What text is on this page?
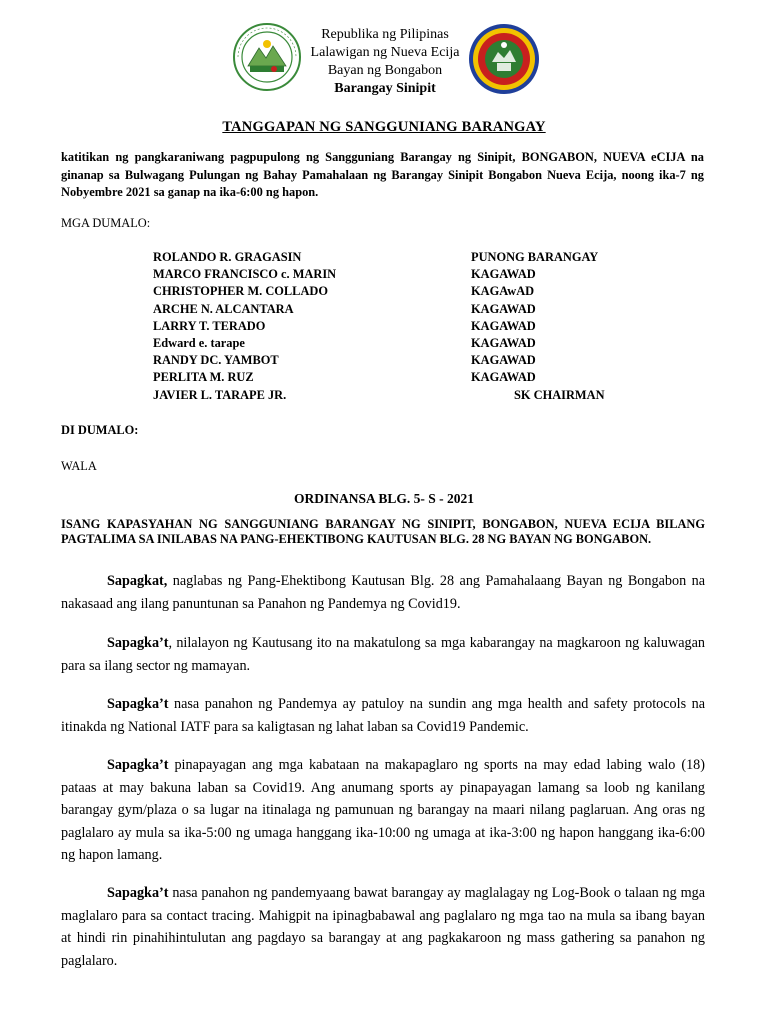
Republika ng Pilipinas
Lalawigan ng Nueva Ecija
Bayan ng Bongabon
Barangay Sinipit
TANGGAPAN NG SANGGUNIANG BARANGAY
katitikan ng pangkaraniwang pagpupulong ng Sangguniang Barangay ng Sinipit, BONGABON, NUEVA eCIJA na ginanap sa Bulwagang Pulungan ng Bahay Pamahalaan ng Barangay Sinipit Bongabon Nueva Ecija, noong ika-7 ng Nobyembre 2021 sa ganap na ika-6:00 ng hapon.
MGA DUMALO:
ROLANDO R. GRAGASIN	PUNONG BARANGAY
MARCO FRANCISCO c. MARIN	KAGAWAD
CHRISTOPHER M. COLLADO	KAGAwAD
ARCHE N. ALCANTARA	KAGAWAD
LARRY T. TERADO	KAGAWAD
Edward e. tarape	KAGAWAD
RANDY DC. YAMBOT	KAGAWAD
PERLITA M. RUZ	KAGAWAD
JAVIER L. TARAPE JR.	SK CHAIRMAN
DI DUMALO:
WALA
ORDINANSA BLG. 5- S - 2021
ISANG KAPASYAHAN NG SANGGUNIANG BARANGAY NG SINIPIT, BONGABON, NUEVA ECIJA BILANG PAGTALIMA SA INILABAS NA PANG-EHEKTIBONG KAUTUSAN BLG. 28 NG BAYAN NG BONGABON.
Sapagkat, naglabas ng Pang-Ehektibong Kautusan Blg. 28 ang Pamahalaang Bayan ng Bongabon na nakasaad ang ilang panuntunan sa Panahon ng Pandemya ng Covid19.
Sapagka’t, nilalayon ng Kautusang ito na makatulong sa mga kabarangay na magkaroon ng kaluwagan para sa ilang sector ng mamayan.
Sapagka’t nasa panahon ng Pandemya ay patuloy na sundin ang mga health and safety protocols na itinakda ng National IATF para sa kaligtasan ng lahat laban sa Covid19 Pandemic.
Sapagka’t pinapayagan ang mga kabataan na makapaglaro ng sports na may edad labing walo (18) pataas at may bakuna laban sa Covid19. Ang anumang sports ay pinapayagan lamang sa loob ng kanilang barangay gym/plaza o sa lugar na itinalaga ng pamunuan ng barangay na maari nilang paglaruan. Ang oras ng paglalaro ay mula sa ika-5:00 ng umaga hanggang ika-10:00 ng umaga at ika-3:00 ng hapon hanggang ika-6:00 ng hapon lamang.
Sapagka’t nasa panahon ng pandemyaang bawat barangay ay maglalagay ng Log-Book o talaan ng mga maglalaro para sa contact tracing. Mahigpit na ipinagbabawal ang paglalaro ng mga tao na mula sa ibang bayan at hindi rin pinahihintulutan ang pagdayo sa barangay at ang pagkakaroon ng mass gathering sa panahon ng paglalaro.
